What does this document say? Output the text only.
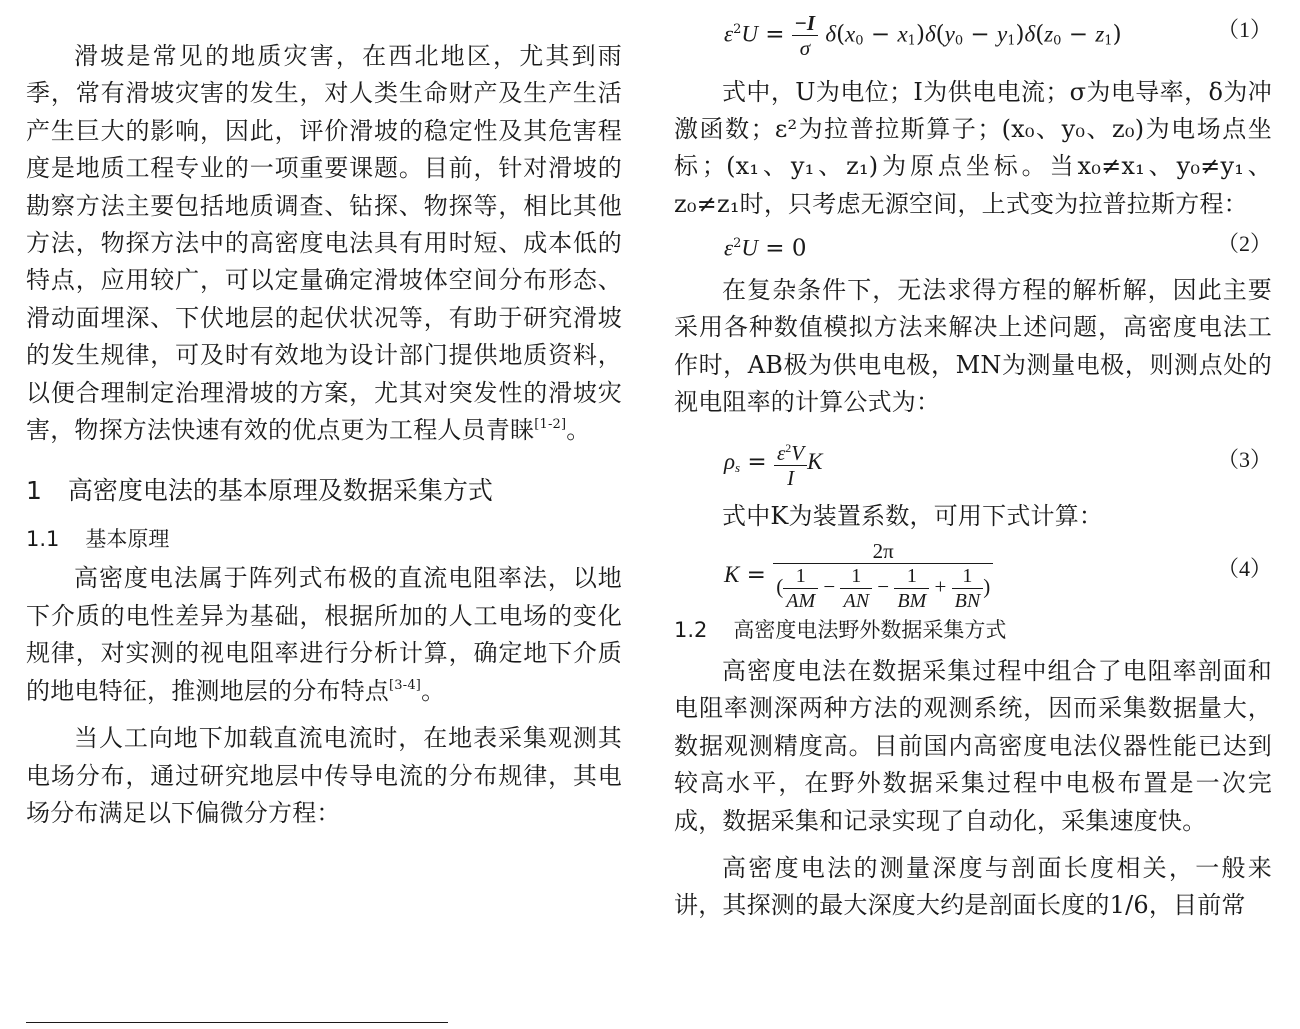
滑坡是常见的地质灾害，在西北地区，尤其到雨季，常有滑坡灾害的发生，对人类生命财产及生产生活产生巨大的影响，因此，评价滑坡的稳定性及其危害程度是地质工程专业的一项重要课题。目前，针对滑坡的勘察方法主要包括地质调查、钻探、物探等，相比其他方法，物探方法中的高密度电法具有用时短、成本低的特点，应用较广，可以定量确定滑坡体空间分布形态、滑动面埋深、下伏地层的起伏状况等，有助于研究滑坡的发生规律，可及时有效地为设计部门提供地质资料，以便合理制定治理滑坡的方案，尤其对突发性的滑坡灾害，物探方法快速有效的优点更为工程人员青睐[1-2]。

1 高密度电法的基本原理及数据采集方式
1.1 基本原理

高密度电法属于阵列式布极的直流电阻率法，以地下介质的电性差异为基础，根据所加的人工电场的变化规律，对实测的视电阻率进行分析计算，确定地下介质的地电特征，推测地层的分布特点[3-4]。

当人工向地下加载直流电流时，在地表采集观测其电场分布，通过研究地层中传导电流的分布规律，其电场分布满足以下偏微分方程：

$\varepsilon^2U = \frac{-I}{\sigma} \delta(x_0 - x_1)\delta(y_0 - y_1)\delta(z_0 - z_1)$	（1）

式中，U为电位；I为供电电流；σ为电导率，δ为冲激函数；ε²为拉普拉斯算子；(x₀、y₀、z₀)为电场点坐标；(x₁、y₁、z₁)为原点坐标。当x₀≠x₁、y₀≠y₁、z₀≠z₁时，只考虑无源空间，上式变为拉普拉斯方程：

$\varepsilon^2U = 0$	（2）

在复杂条件下，无法求得方程的解析解，因此主要采用各种数值模拟方法来解决上述问题，高密度电法工作时，AB极为供电电极，MN为测量电极，则测点处的视电阻率的计算公式为：

$\rho_s = \frac{\varepsilon^2V}{I}$ K	（3）

式中K为装置系数，可用下式计算：

$K = \frac{2\pi}{( \frac{1}{AM} - \frac{1}{AN} - \frac{1}{BM} + \frac{1}{BN} )}$	（4）
1.2 高密度电法野外数据采集方式

高密度电法在数据采集过程中组合了电阻率剖面和电阻率测深两种方法的观测系统，因而采集数据量大，数据观测精度高。目前国内高密度电法仪器性能已达到较高水平，在野外数据采集过程中电极布置是一次完成，数据采集和记录实现了自动化，采集速度快。

高密度电法的测量深度与剖面长度相关，一般来讲，其探测的最大深度大约是剖面长度的1/6，目前常
